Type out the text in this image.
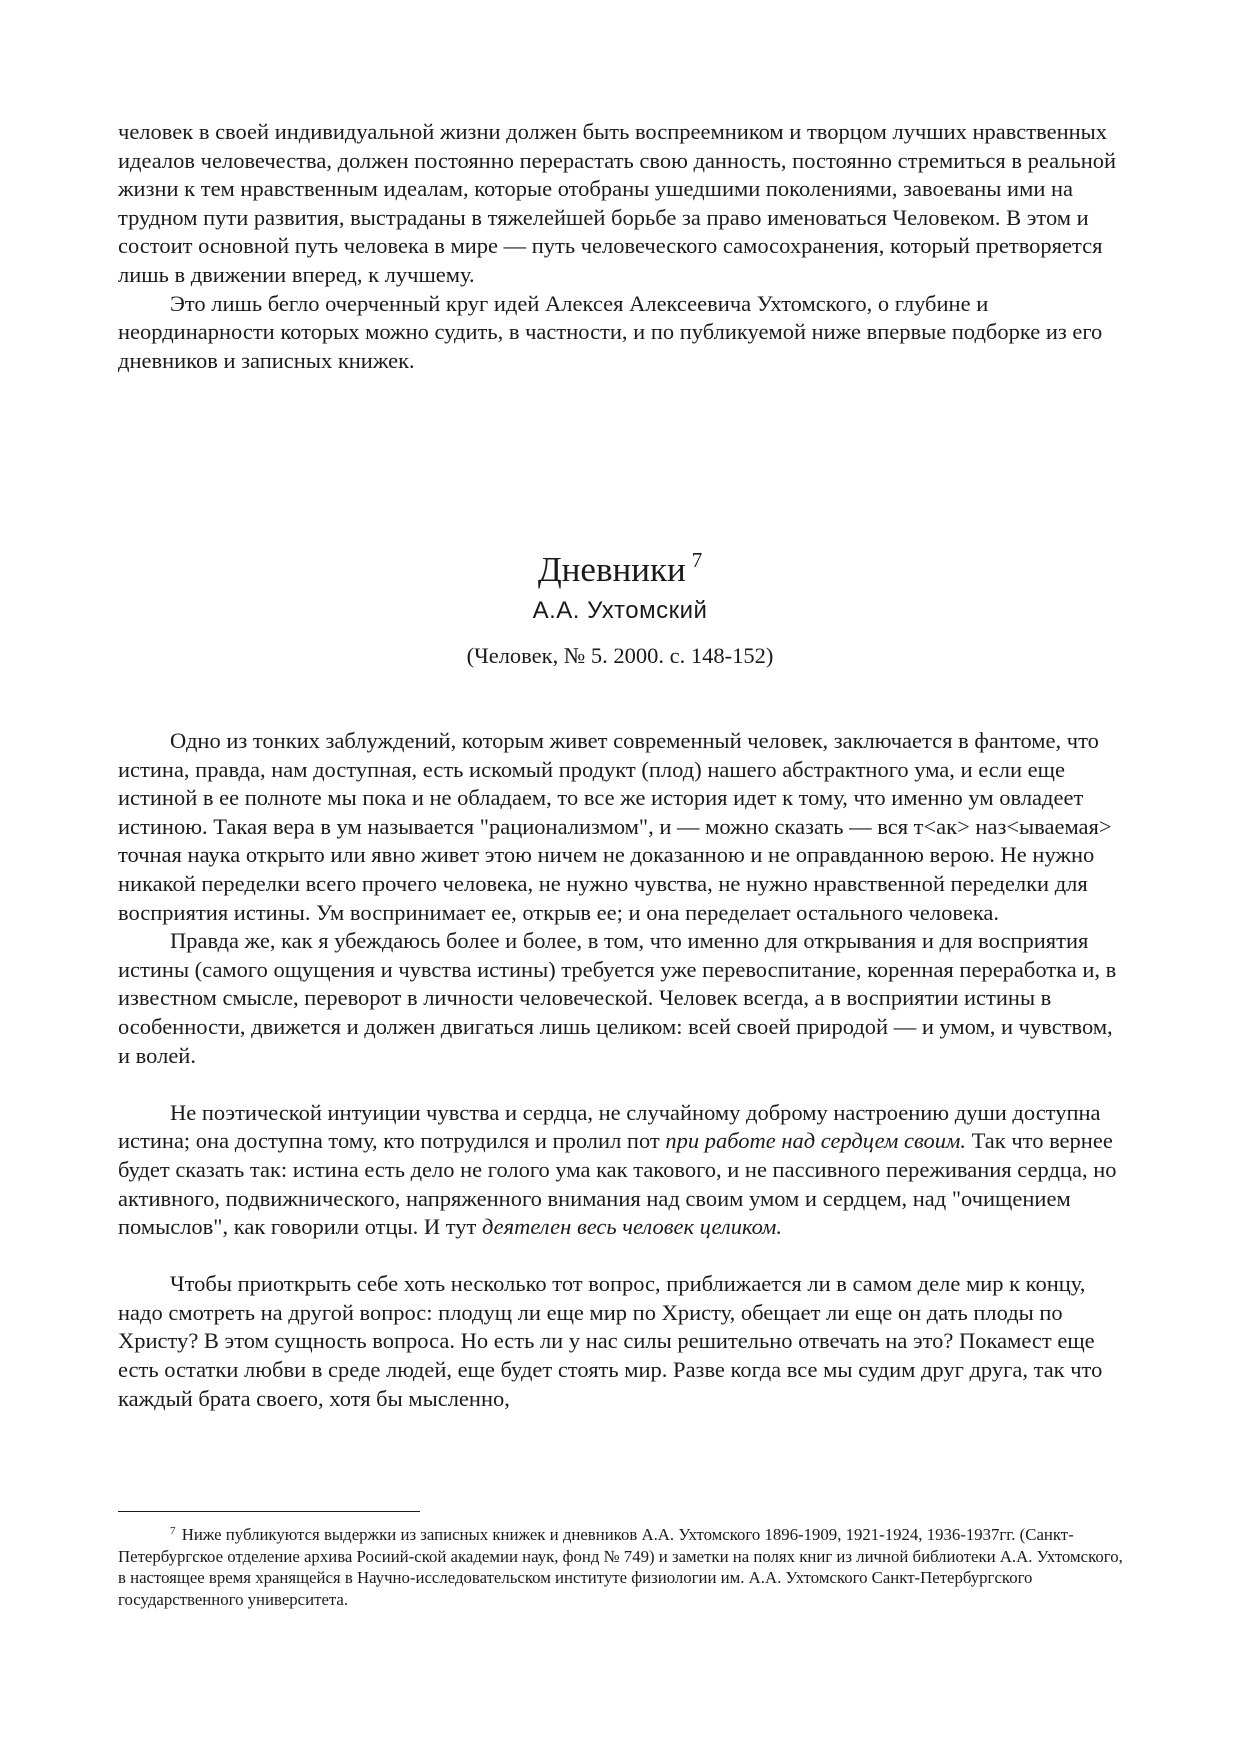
человек в своей индивидуальной жизни должен быть воспреемником и творцом лучших нравственных идеалов человечества, должен постоянно перерастать свою данность, постоянно стремиться в реальной жизни к тем нравственным идеалам, которые отобраны ушедшими поколениями, завоеваны ими на трудном пути развития, выстраданы в тяжелейшей борьбе за право именоваться Человеком. В этом и состоит основной путь человека в мире — путь человеческого самосохранения, который претворяется лишь в движении вперед, к лучшему.

Это лишь бегло очерченный круг идей Алексея Алексеевича Ухтомского, о глубине и неординарности которых можно судить, в частности, и по публикуемой ниже впервые подборке из его дневников и записных книжек.

Дневники $^7$
А.А. Ухтомский
(Человек, № 5. 2000. с. 148-152)

Одно из тонких заблуждений, которым живет современный человек, заключается в фантоме, что истина, правда, нам доступная, есть искомый продукт (плод) нашего абстрактного ума, и если еще истиной в ее полноте мы пока и не обладаем, то все же история идет к тому, что именно ум овладеет истиною. Такая вера в ум называется "рационализмом", и — можно сказать — вся т<ак> наз<ываемая> точная наука открыто или явно живет этою ничем не доказанною и не оправданною верою. Не нужно никакой переделки всего прочего человека, не нужно чувства, не нужно нравственной переделки для восприятия истины. Ум воспринимает ее, открыв ее; и она переделает остального человека.

Правда же, как я убеждаюсь более и более, в том, что именно для открывания и для восприятия истины (самого ощущения и чувства истины) требуется уже перевоспитание, коренная переработка и, в известном смысле, переворот в личности человеческой. Человек всегда, а в восприятии истины в особенности, движется и должен двигаться лишь целиком: всей своей природой — и умом, и чувством, и волей.

Не поэтической интуиции чувства и сердца, не случайному доброму настроению души доступна истина; она доступна тому, кто потрудился и пролил пот при работе над сердцем своим. Так что вернее будет сказать так: истина есть дело не голого ума как такового, и не пассивного переживания сердца, но активного, подвижнического, напряженного внимания над своим умом и сердцем, над "очищением помыслов", как говорили отцы. И тут деятелен весь человек целиком.

Чтобы приоткрыть себе хоть несколько тот вопрос, приближается ли в самом деле мир к концу, надо смотреть на другой вопрос: плодущ ли еще мир по Христу, обещает ли еще он дать плоды по Христу? В этом сущность вопроса. Но есть ли у нас силы решительно отвечать на это? Покамест еще есть остатки любви в среде людей, еще будет стоять мир. Разве когда все мы судим друг друга, так что каждый брата своего, хотя бы мысленно,

$^7$ Ниже публикуются выдержки из записных книжек и дневников А.А. Ухтомского 1896-1909, 1921-1924, 1936-1937гг. (Санкт-Петербургское отделение архива Росиий-ской академии наук, фонд № 749) и заметки на полях книг из личной библиотеки А.А. Ухтомского, в настоящее время хранящейся в Научно-исследовательском институте физиологии им. А.А. Ухтомского Санкт-Петербургского государственного университета.
